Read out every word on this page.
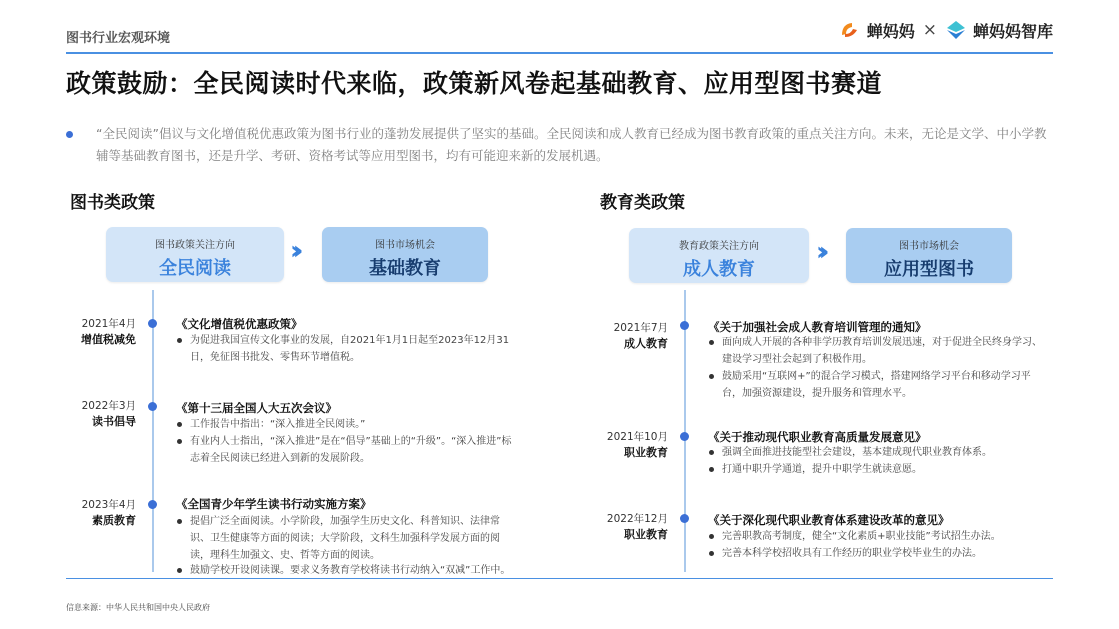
图书行业宏观环境	蝉妈妈 × 蝉妈妈智库
政策鼓励：全民阅读时代来临，政策新风卷起基础教育、应用型图书赛道
“全民阅读”倡议与文化增值税优惠政策为图书行业的蓬勃发展提供了坚实的基础。全民阅读和成人教育已经成为图书教育政策的重点关注方向。未来，无论是文学、中小学教辅等基础教育图书，还是升学、考研、资格考试等应用型图书，均有可能迎来新的发展机遇。
图书类政策
图书政策关注方向
全民阅读
››	图书市场机会
基础教育
2021年4月
增值税减免
《文化增值税优惠政策》
为促进我国宣传文化事业的发展，自2021年1月1日起至2023年12月31日，免征图书批发、零售环节增值税。
2022年3月
读书倡导
《第十三届全国人大五次会议》
工作报告中指出：“深入推进全民阅读。”
有业内人士指出，“深入推进”是在“倡导”基础上的“升级”。“深入推进”标志着全民阅读已经进入到新的发展阶段。
2023年4月
素质教育
《全国青少年学生读书行动实施方案》
提倡广泛全面阅读。小学阶段，加强学生历史文化、科普知识、法律常识、卫生健康等方面的阅读；大学阶段，文科生加强科学发展方面的阅读，理科生加强文、史、哲等方面的阅读。
鼓励学校开设阅读课。要求义务教育学校将读书行动纳入“双减”工作中。
教育类政策
教育政策关注方向
成人教育
››	图书市场机会
应用型图书
2021年7月
成人教育
《关于加强社会成人教育培训管理的通知》
面向成人开展的各种非学历教育培训发展迅速，对于促进全民终身学习、建设学习型社会起到了积极作用。
鼓励采用“互联网+”的混合学习模式，搭建网络学习平台和移动学习平台，加强资源建设，提升服务和管理水平。
2021年10月
职业教育
《关于推动现代职业教育高质量发展意见》
强调全面推进技能型社会建设，基本建成现代职业教育体系。
打通中职升学通道，提升中职学生就读意愿。
2022年12月
职业教育
《关于深化现代职业教育体系建设改革的意见》
完善职教高考制度，健全“文化素质+职业技能”考试招生办法。
完善本科学校招收具有工作经历的职业学校毕业生的办法。
信息来源：中华人民共和国中央人民政府
